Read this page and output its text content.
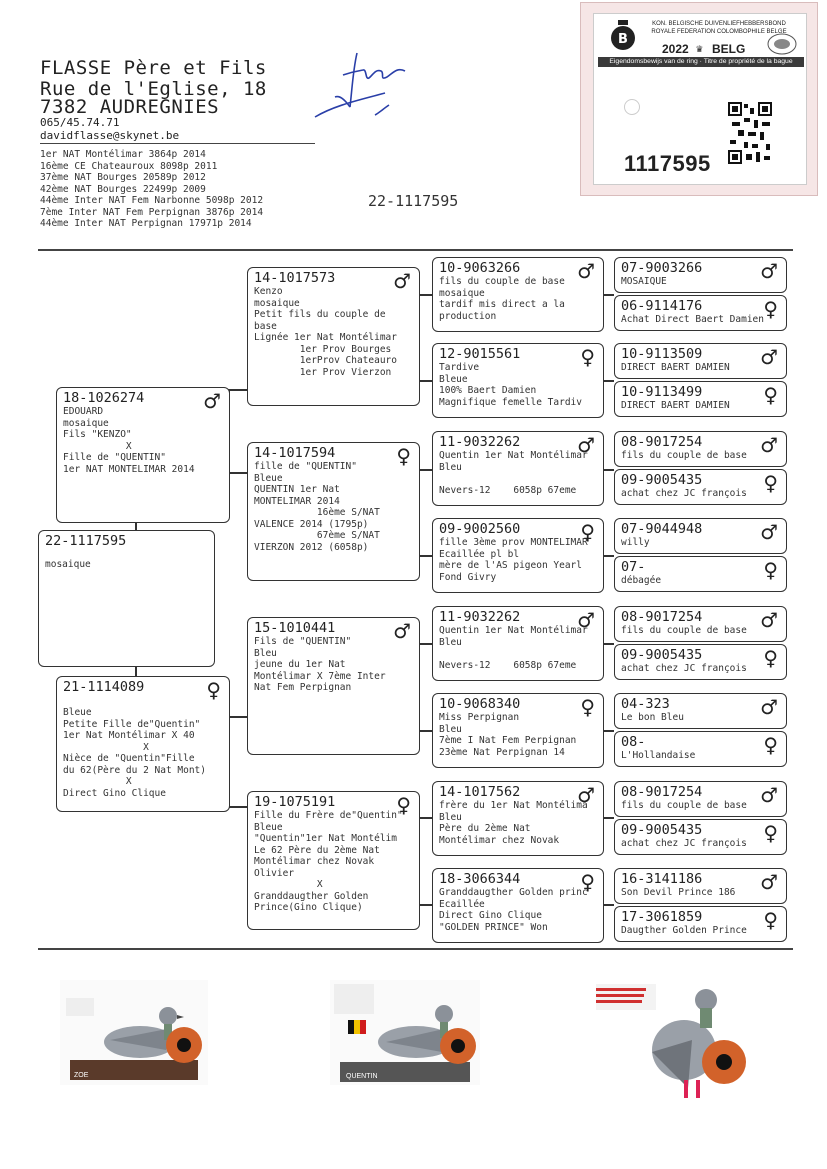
FLASSE Père et Fils
Rue de l'Eglise, 18
7382 AUDREGNIES
065/45.74.71
davidflasse@skynet.be
1er NAT Montélimar 3864p 2014
16ème CE Chateauroux 8098p 2011
37ème NAT Bourges 20589p 2012
42ème NAT Bourges 22499p 2009
44ème Inter NAT Fem Narbonne 5098p 2012
7ème Inter NAT Fem Perpignan 3876p 2014
44ème Inter NAT Perpignan 17971p 2014
22-1117595
B
KON. BELGISCHE DUIVENLIEFHEBBERSBOND
ROYALE FEDERATION COLOMBOPHILE BELGE
2022 ♛ BELG
Eigendomsbewijs van de ring · Titre de propriété de la bague
1117595
22-1117595
mosaique
18-1026274	♂
EDOUARD
mosaique
Fils "KENZO"
X
Fille de "QUENTIN"
1er NAT MONTELIMAR 2014
21-1114089	♀
Bleue
Petite Fille de"Quentin"
1er Nat Montélimar X 40
X
Nièce de "Quentin"Fille
du 62(Père du 2 Nat Mont)
X
Direct Gino Clique
14-1017573	♂
Kenzo
mosaique
Petit fils du couple de
base
Lignée 1er Nat Montélimar
1er Prov Bourges
1erProv Chateauro
1er Prov Vierzon
14-1017594	♀
fille de "QUENTIN"
Bleue
QUENTIN 1er Nat
MONTELIMAR 2014
16ème S/NAT
VALENCE 2014 (1795p)
67ème S/NAT
VIERZON 2012 (6058p)
15-1010441	♂
Fils de "QUENTIN"
Bleu
jeune du 1er Nat
Montélimar X 7ème Inter
Nat Fem Perpignan
19-1075191	♀
Fille du Frère de"Quentin"
Bleue
"Quentin"1er Nat Montélim
Le 62 Père du 2ème Nat
Montélimar chez Novak
Olivier
X
Granddaugther Golden
Prince(Gino Clique)
10-9063266	♂
fils du couple de base
mosaique
tardif mis direct a la
production
12-9015561	♀
Tardive
Bleue
100% Baert Damien
Magnifique femelle Tardiv
11-9032262	♂
Quentin 1er Nat Montélimar
Bleu

Nevers-12    6058p 67eme
09-9002560	♀
fille 3ème prov MONTELIMAR
Ecaillée pl bl
mère de l'AS pigeon Yearl
Fond Givry
11-9032262	♂
Quentin 1er Nat Montélimar
Bleu

Nevers-12    6058p 67eme
10-9068340	♀
Miss Perpignan
Bleu
7ème I Nat Fem Perpignan
23ème Nat Perpignan 14
14-1017562	♂
frère du 1er Nat Montélima
Bleu
Père du 2ème Nat
Montélimar chez Novak
18-3066344	♀
Granddaugther Golden princ
Ecaillée
Direct Gino Clique
"GOLDEN PRINCE" Won
07-9003266	♂
MOSAIQUE
06-9114176	♀
Achat Direct Baert Damien
10-9113509	♂
DIRECT BAERT DAMIEN
10-9113499	♀
DIRECT BAERT DAMIEN
08-9017254	♂
fils du couple de base
09-9005435	♀
achat chez JC françois
07-9044948	♂
willy
07-	♀
débagée
08-9017254	♂
fils du couple de base
09-9005435	♀
achat chez JC françois
04-323	♂
Le bon Bleu
08-	♀
L'Hollandaise
08-9017254	♂
fils du couple de base
09-9005435	♀
achat chez JC françois
16-3141186	♂
Son Devil Prince 186
17-3061859	♀
Daugther Golden Prince
ZOE	QUENTIN
